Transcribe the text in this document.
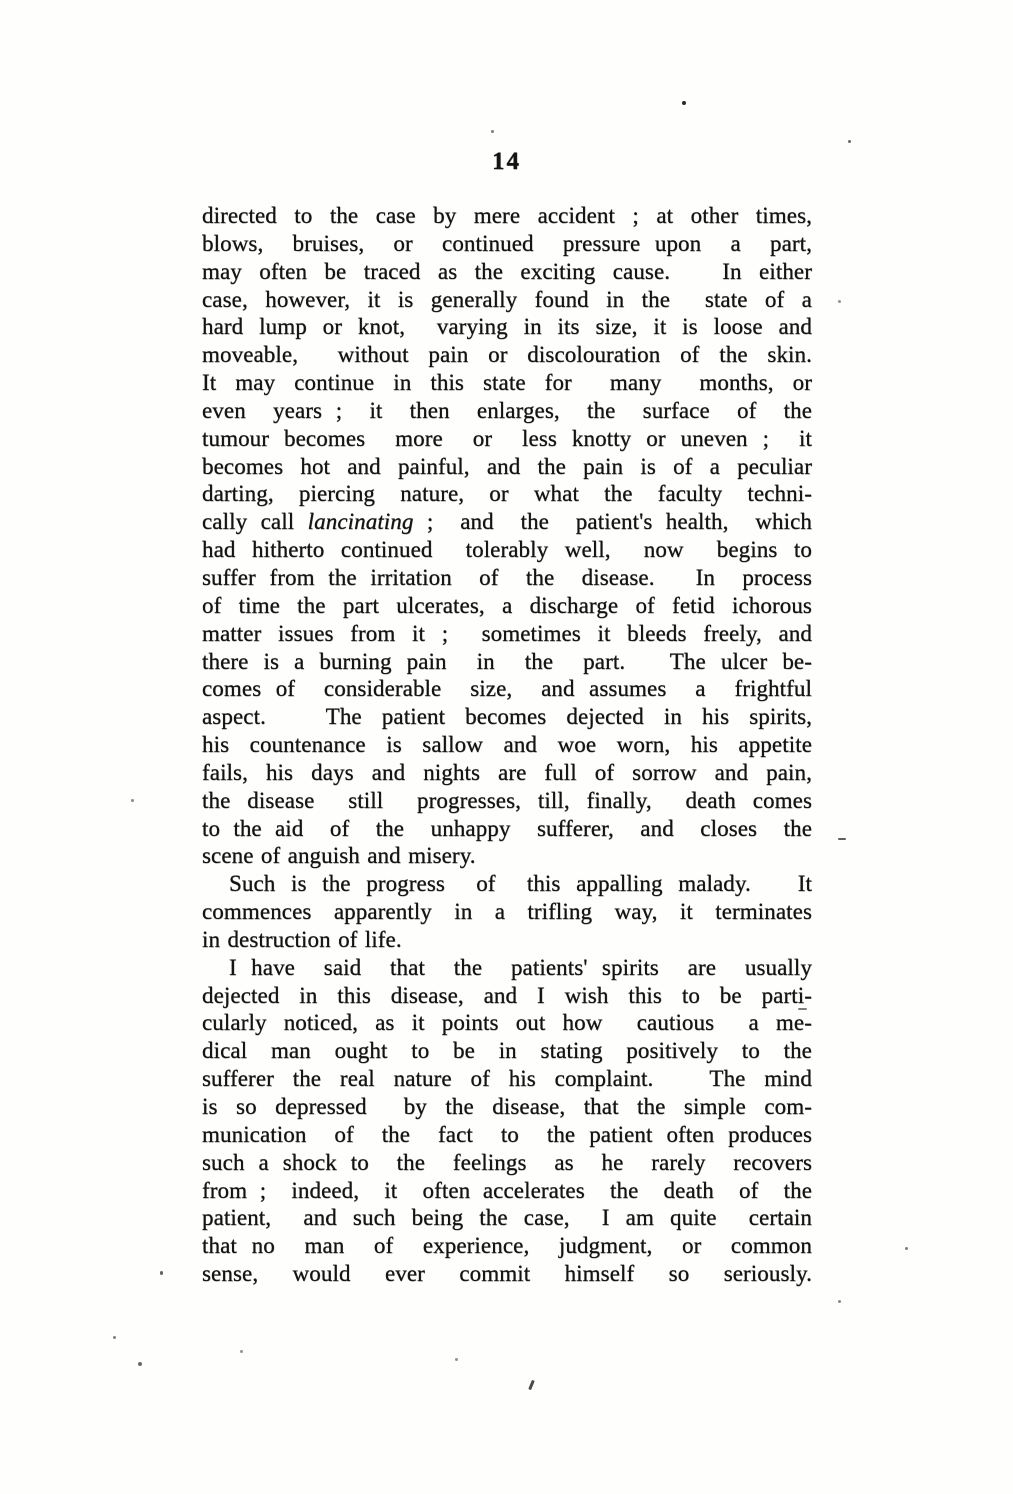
14
directed to the case by mere accident ; at other times,
blows,  bruises,  or  continued  pressure upon  a  part,
may often be traced as the exciting cause.   In either
case, however, it is generally found in the  state of a
hard lump or knot,  varying in its size, it is loose and
moveable,  without pain or discolouration of the skin.
It may continue in this state for  many  months, or
even  years ;  it  then  enlarges,  the  surface  of  the
tumour becomes  more  or  less knotty or uneven ;  it
becomes hot and painful, and the pain is of a peculiar
darting,  piercing  nature,  or  what  the  faculty  techni-
cally call lancinating ;  and  the  patient's health,  which
had hitherto continued  tolerably well,  now  begins to
suffer from the irritation  of  the  disease.   In  process
of time the part ulcerates, a discharge of fetid ichorous
matter issues from it ;  sometimes it bleeds freely, and
there is a burning pain  in  the  part.   The ulcer be-
comes of  considerable  size,  and assumes  a  frightful
aspect.   The patient becomes dejected in his spirits,
his countenance is sallow and woe worn, his appetite
fails, his days and nights are full of sorrow and pain,
the disease  still  progresses, till, finally,  death comes
to the aid  of  the  unhappy  sufferer,  and  closes  the
scene of anguish and misery.
Such is the progress  of  this appalling malady.   It
commences apparently in a trifling way, it terminates
in destruction of life.
I have  said  that  the  patients' spirits  are  usually
dejected in this disease, and I wish this to be parti-
cularly noticed, as it points out how  cautious  a me-
dical  man  ought  to  be  in  stating  positively  to  the
sufferer the real nature of his complaint.   The mind
is so depressed  by the disease, that the simple com-
munication  of  the  fact  to  the patient often produces
such a shock to  the  feelings  as  he  rarely  recovers
from ;  indeed,  it  often accelerates  the  death  of  the
patient,  and such being the case,  I am quite  certain
that no  man  of  experience,  judgment,  or  common
sense,  would  ever  commit  himself  so  seriously.
